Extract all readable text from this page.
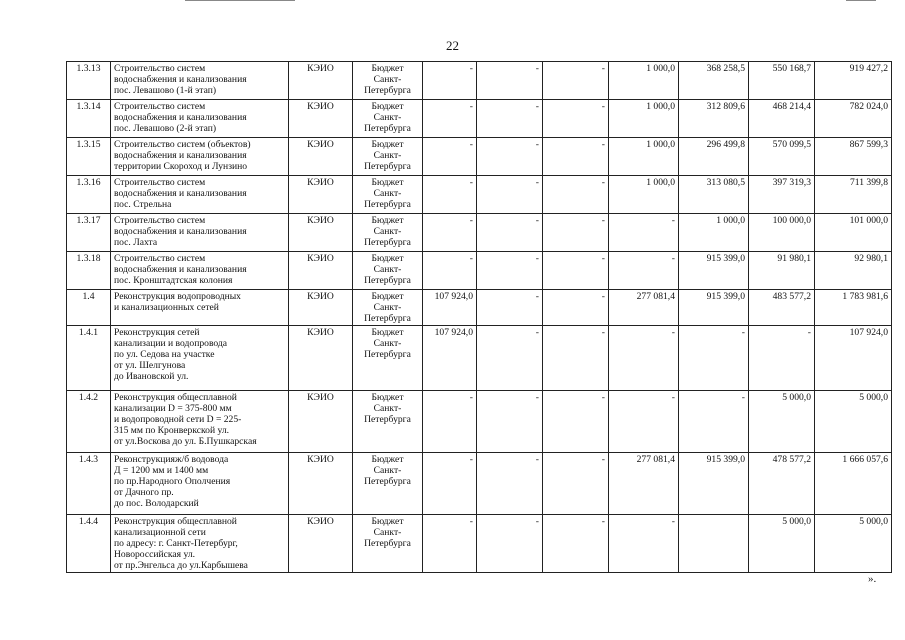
22
1.3.13	Строительство систем
водоснабжения и канализования
пос. Левашово (1-й этап)	КЭИО	Бюджет
Санкт-
Петербурга	-	-	-	1 000,0	368 258,5	550 168,7	919 427,2
1.3.14	Строительство систем
водоснабжения и канализования
пос. Левашово (2-й этап)	КЭИО	Бюджет
Санкт-
Петербурга	-	-	-	1 000,0	312 809,6	468 214,4	782 024,0
1.3.15	Строительство систем (объектов)
водоснабжения и канализования
территории Скороход и Лунзино	КЭИО	Бюджет
Санкт-
Петербурга	-	-	-	1 000,0	296 499,8	570 099,5	867 599,3
1.3.16	Строительство систем
водоснабжения и канализования
пос. Стрельна	КЭИО	Бюджет
Санкт-
Петербурга	-	-	-	1 000,0	313 080,5	397 319,3	711 399,8
1.3.17	Строительство систем
водоснабжения и канализования
пос. Лахта	КЭИО	Бюджет
Санкт-
Петербурга	-	-	-	-	1 000,0	100 000,0	101 000,0
1.3.18	Строительство систем
водоснабжения и канализования
пос. Кронштадтская колония	КЭИО	Бюджет
Санкт-
Петербурга	-	-	-	-	915 399,0	91 980,1	92 980,1
1.4	Реконструкция водопроводных
и канализационных сетей	КЭИО	Бюджет
Санкт-
Петербурга	107 924,0	-	-	277 081,4	915 399,0	483 577,2	1 783 981,6
1.4.1	Реконструкция сетей
канализации и водопровода
по ул. Седова на участке
от ул. Шелгунова
до Ивановской ул.	КЭИО	Бюджет
Санкт-
Петербурга	107 924,0	-	-	-	-	-	107 924,0
1.4.2	Реконструкция общесплавной
канализации D = 375-800 мм
и водопроводной сети D = 225-
315 мм по Кронверкской ул.
от ул.Воскова до ул. Б.Пушкарская	КЭИО	Бюджет
Санкт-
Петербурга	-	-	-	-	-	5 000,0	5 000,0
1.4.3	Реконструкцияж/б водовода
Д = 1200 мм и 1400 мм
по пр.Народного Ополчения
от Дачного пр.
до пос. Володарский	КЭИО	Бюджет
Санкт-
Петербурга	-	-	-	277 081,4	915 399,0	478 577,2	1 666 057,6
1.4.4	Реконструкция общесплавной
канализационной сети
по адресу: г. Санкт-Петербург,
Новороссийская ул.
от пр.Энгельса до ул.Карбышева	КЭИО	Бюджет
Санкт-
Петербурга	-	-	-	-		5 000,0	5 000,0
».
